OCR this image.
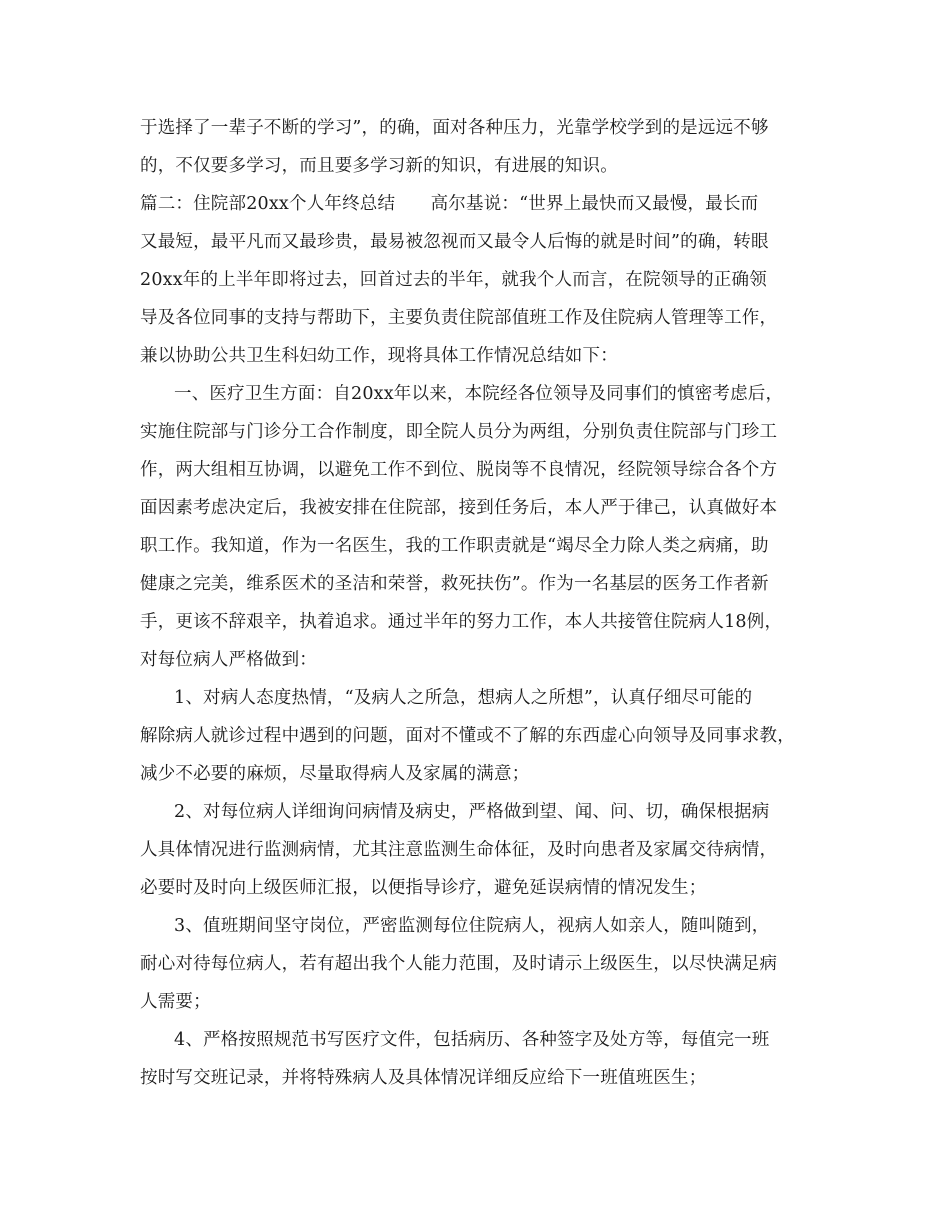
于选择了一辈子不断的学习”，的确，面对各种压力，光靠学校学到的是远远不够
的，不仅要多学习，而且要多学习新的知识，有进展的知识。
篇二：住院部20xx个人年终总结　　高尔基说：“世界上最快而又最慢，最长而
又最短，最平凡而又最珍贵，最易被忽视而又最令人后悔的就是时间”的确，转眼
20xx年的上半年即将过去，回首过去的半年，就我个人而言，在院领导的正确领
导及各位同事的支持与帮助下，主要负责住院部值班工作及住院病人管理等工作，
兼以协助公共卫生科妇幼工作，现将具体工作情况总结如下：
一、医疗卫生方面：自20xx年以来，本院经各位领导及同事们的慎密考虑后，
实施住院部与门诊分工合作制度，即全院人员分为两组，分别负责住院部与门珍工
作，两大组相互协调，以避免工作不到位、脱岗等不良情况，经院领导综合各个方
面因素考虑决定后，我被安排在住院部，接到任务后，本人严于律己，认真做好本
职工作。我知道，作为一名医生，我的工作职责就是“竭尽全力除人类之病痛，助
健康之完美，维系医术的圣洁和荣誉，救死扶伤”。作为一名基层的医务工作者新
手，更该不辞艰辛，执着追求。通过半年的努力工作，本人共接管住院病人18例，
对每位病人严格做到：
1、对病人态度热情，“及病人之所急，想病人之所想”，认真仔细尽可能的
解除病人就诊过程中遇到的问题，面对不懂或不了解的东西虚心向领导及同事求教，
减少不必要的麻烦，尽量取得病人及家属的满意；
2、对每位病人详细询问病情及病史，严格做到望、闻、问、切，确保根据病
人具体情况进行监测病情，尤其注意监测生命体征，及时向患者及家属交待病情，
必要时及时向上级医师汇报，以便指导诊疗，避免延误病情的情况发生；
3、值班期间坚守岗位，严密监测每位住院病人，视病人如亲人，随叫随到，
耐心对待每位病人，若有超出我个人能力范围，及时请示上级医生，以尽快满足病
人需要；
4、严格按照规范书写医疗文件，包括病历、各种签字及处方等，每值完一班
按时写交班记录，并将特殊病人及具体情况详细反应给下一班值班医生；
